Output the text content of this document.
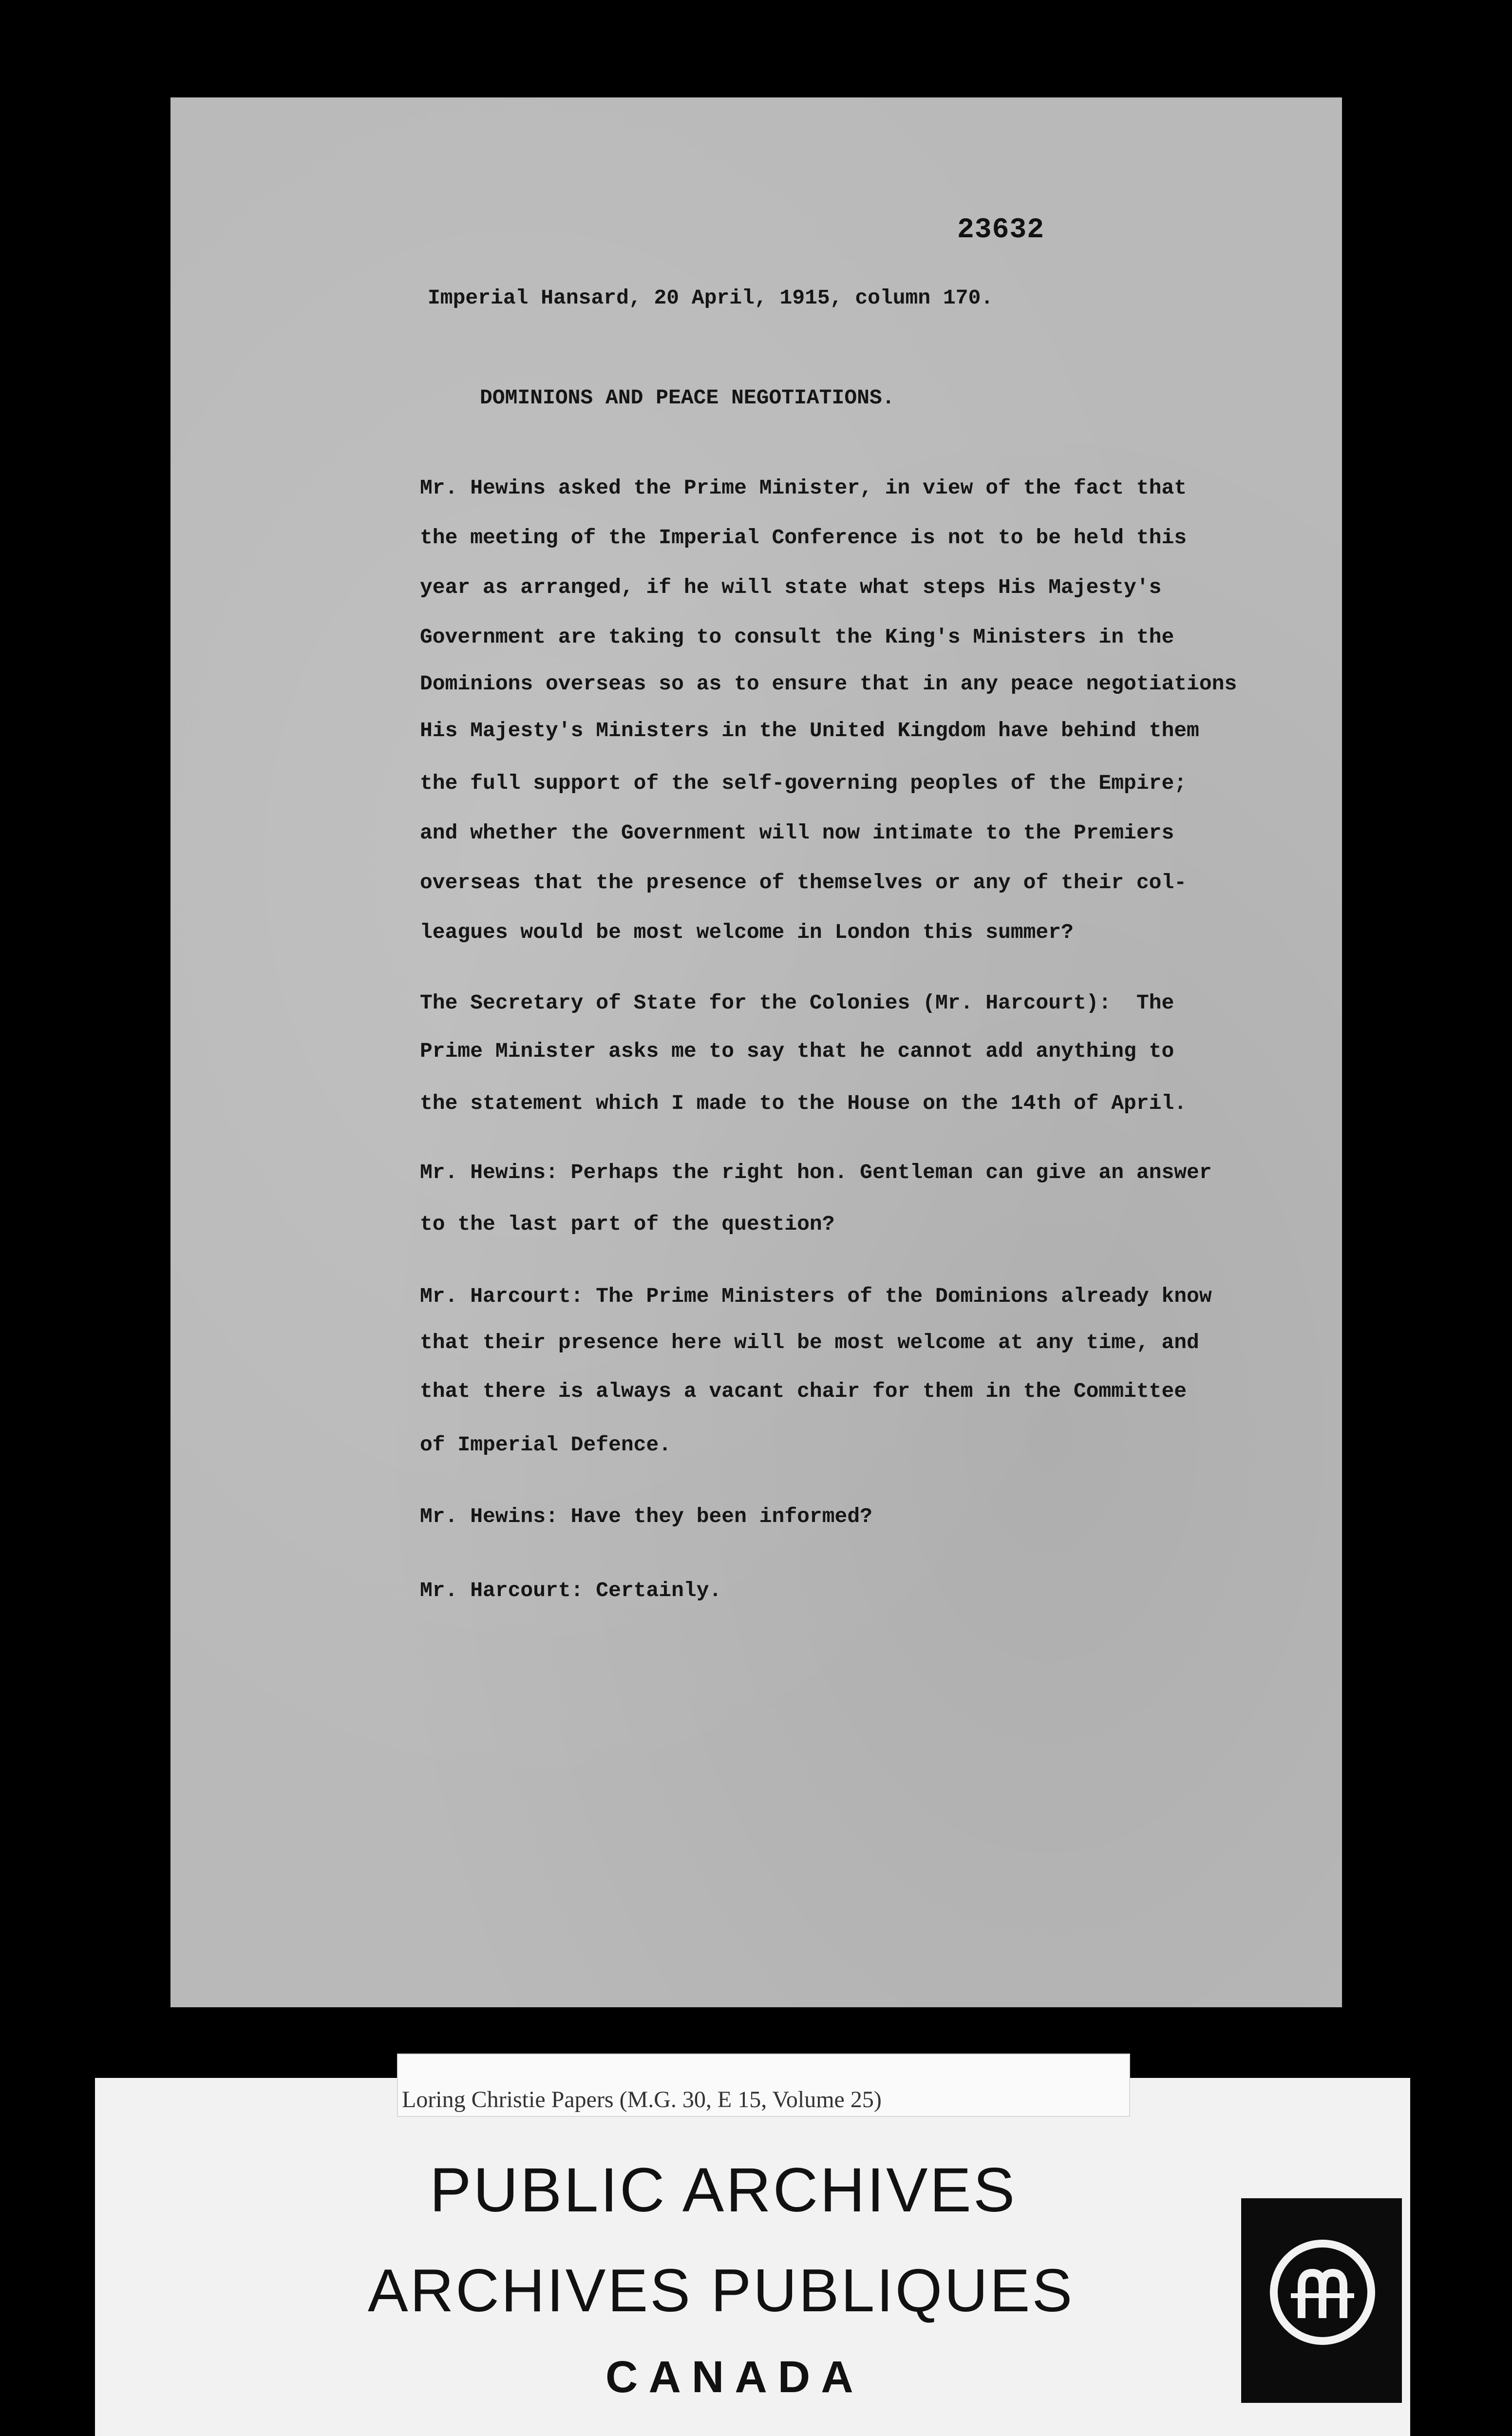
23632
Imperial Hansard, 20 April, 1915, column 170.
DOMINIONS AND PEACE NEGOTIATIONS.
Mr. Hewins asked the Prime Minister, in view of the fact that
the meeting of the Imperial Conference is not to be held this
year as arranged, if he will state what steps His Majesty's
Government are taking to consult the King's Ministers in the
Dominions overseas so as to ensure that in any peace negotiations
His Majesty's Ministers in the United Kingdom have behind them
the full support of the self-governing peoples of the Empire;
and whether the Government will now intimate to the Premiers
overseas that the presence of themselves or any of their col-
leagues would be most welcome in London this summer?
The Secretary of State for the Colonies (Mr. Harcourt):  The
Prime Minister asks me to say that he cannot add anything to
the statement which I made to the House on the 14th of April.
Mr. Hewins: Perhaps the right hon. Gentleman can give an answer
to the last part of the question?
Mr. Harcourt: The Prime Ministers of the Dominions already know
that their presence here will be most welcome at any time, and
that there is always a vacant chair for them in the Committee
of Imperial Defence.
Mr. Hewins: Have they been informed?
Mr. Harcourt: Certainly.
Loring Christie Papers (M.G. 30, E 15, Volume 25)
PUBLIC ARCHIVES
ARCHIVES PUBLIQUES
CANADA
